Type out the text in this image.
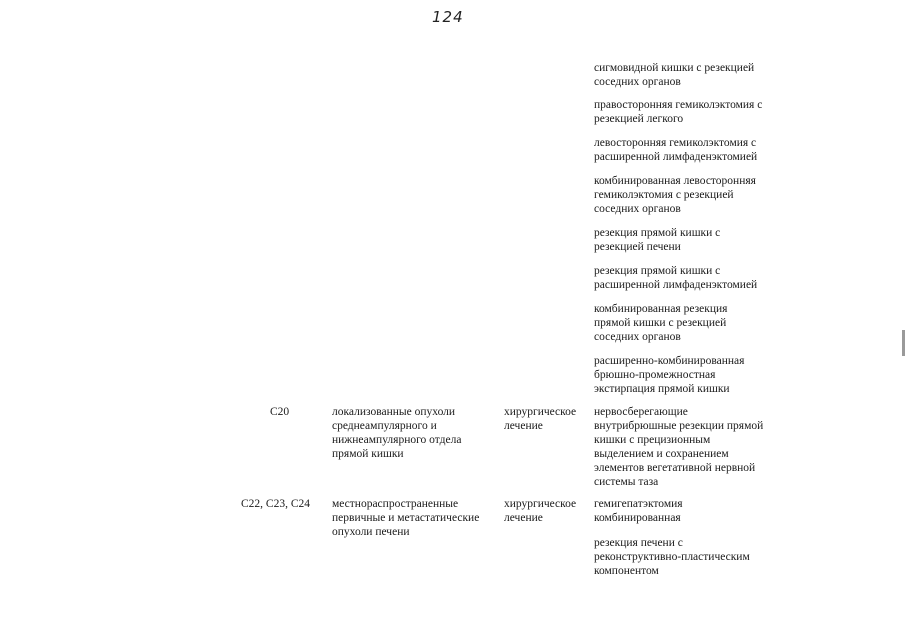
124
сигмовидной кишки с резекцией
соседних органов
правосторонняя гемиколэктомия с
резекцией легкого
левосторонняя гемиколэктомия с
расширенной лимфаденэктомией
комбинированная левосторонняя
гемиколэктомия с резекцией
соседних органов
резекция прямой кишки с
резекцией печени
резекция прямой кишки с
расширенной лимфаденэктомией
комбинированная резекция
прямой кишки с резекцией
соседних органов
расширенно-комбинированная
брюшно-промежностная
экстирпация прямой кишки
C20	локализованные опухоли
среднеампулярного и
нижнеампулярного отдела
прямой кишки
хирургическое
лечение
нервосберегающие
внутрибрюшные резекции прямой
кишки с прецизионным
выделением и сохранением
элементов вегетативной нервной
системы таза
C22, C23, C24 местнораспространенные
первичные и метастатические
опухоли печени
хирургическое
лечение
гемигепатэктомия
комбинированная
резекция печени с
реконструктивно-пластическим
компонентом
